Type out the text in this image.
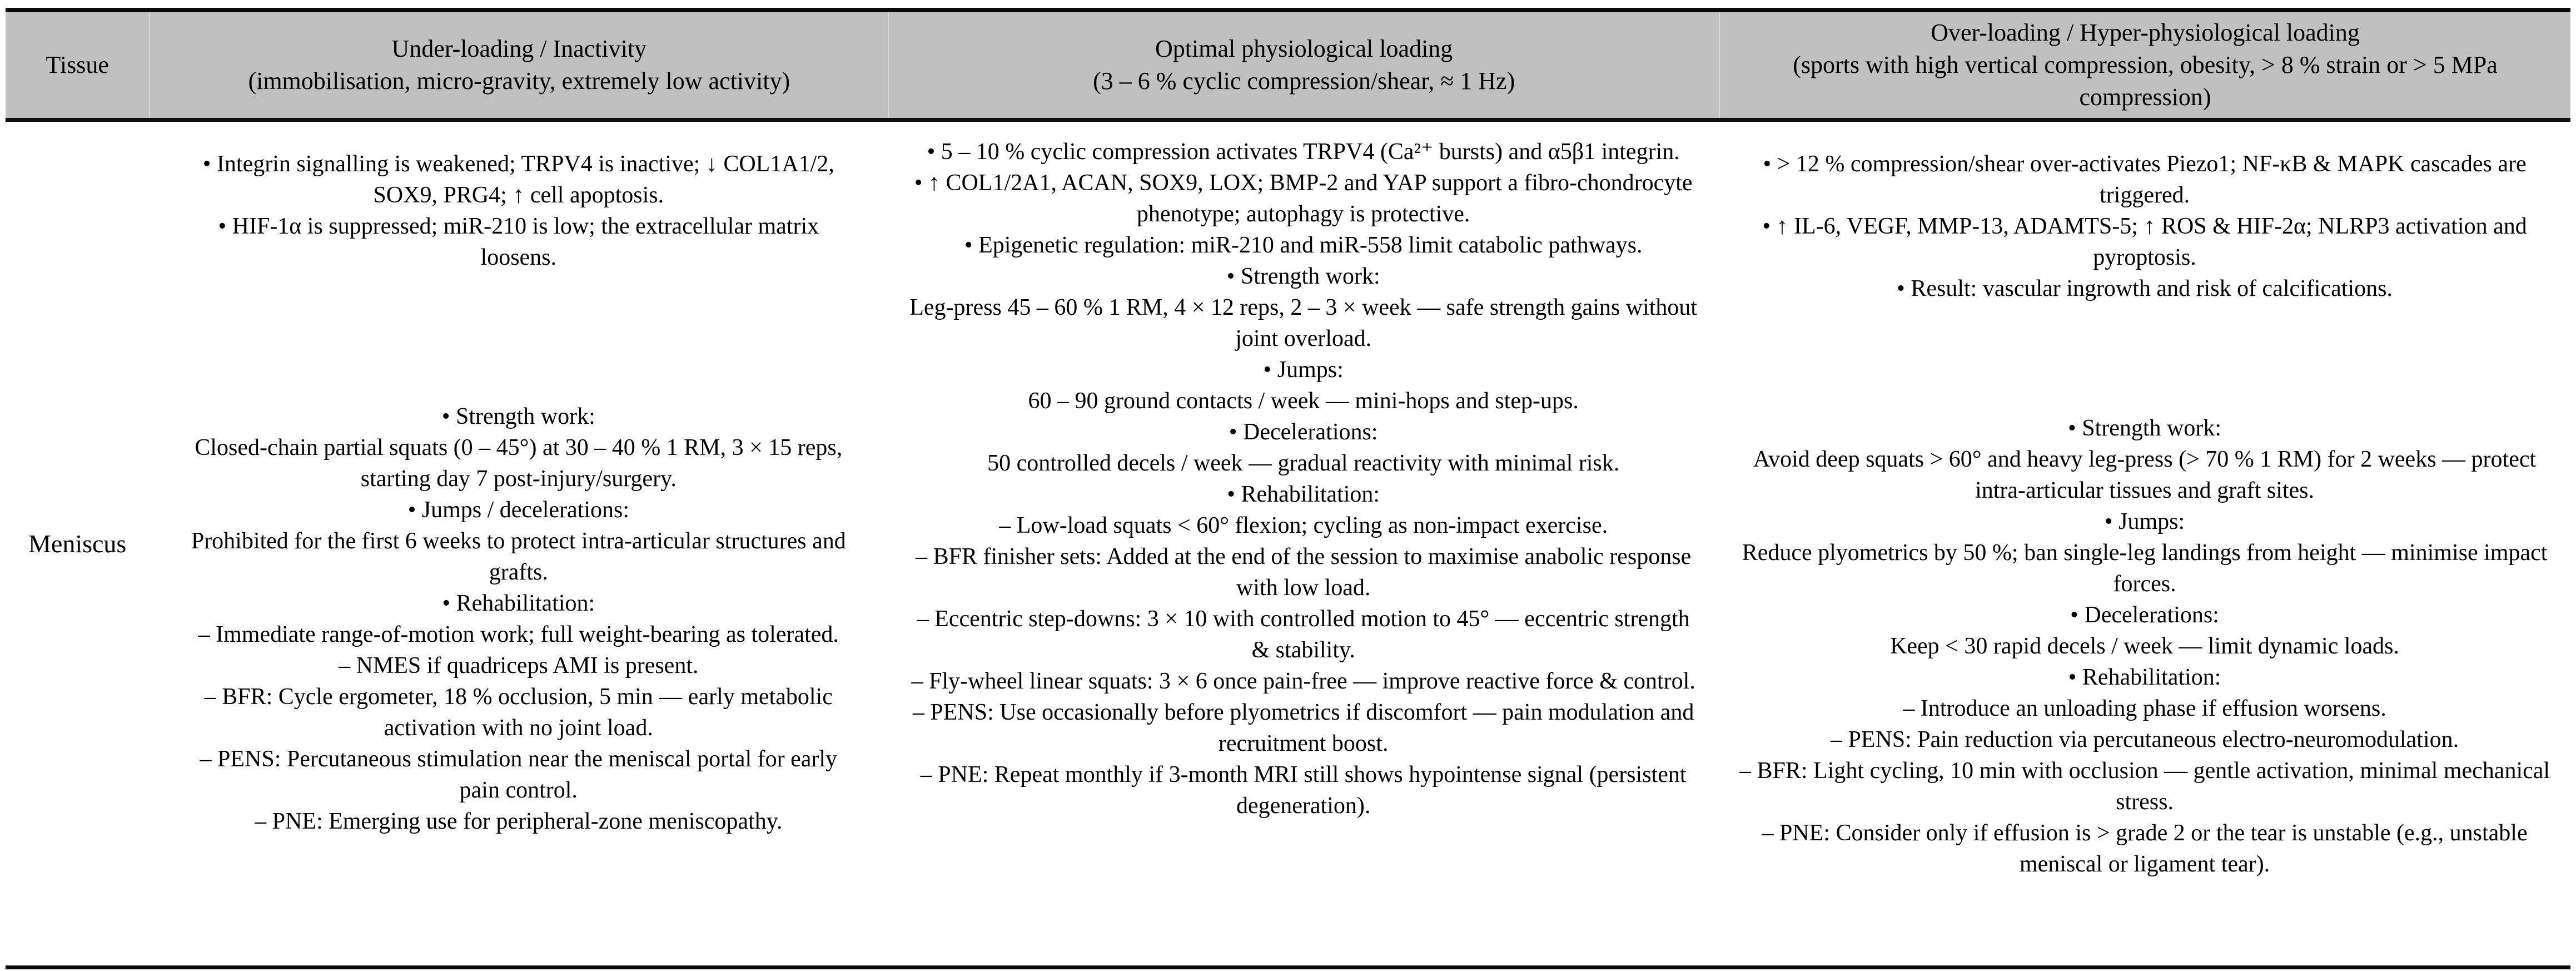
Tissue
Under-loading / Inactivity
(immobilisation, micro-gravity, extremely low activity)
Optimal physiological loading
(3 – 6 % cyclic compression/shear, ≈ 1 Hz)
Over-loading / Hyper-physiological loading
(sports with high vertical compression, obesity, > 8 % strain or > 5 MPa compression)
Meniscus

• Integrin signalling is weakened; TRPV4 is inactive; ↓ COL1A1/2, SOX9, PRG4; ↑ cell apoptosis.

• HIF-1α is suppressed; miR-210 is low; the extracellular matrix loosens.

• Strength work:

Closed-chain partial squats (0 – 45°) at 30 – 40 % 1 RM, 3 × 15 reps, starting day 7 post-injury/surgery.

• Jumps / decelerations:

Prohibited for the first 6 weeks to protect intra-articular structures and grafts.

• Rehabilitation:

– Immediate range-of-motion work; full weight-bearing as tolerated.

– NMES if quadriceps AMI is present.

– BFR: Cycle ergometer, 18 % occlusion, 5 min — early metabolic activation with no joint load.

– PENS: Percutaneous stimulation near the meniscal portal for early pain control.

– PNE: Emerging use for peripheral-zone meniscopathy.

• 5 – 10 % cyclic compression activates TRPV4 (Ca²⁺ bursts) and α5β1 integrin.

• ↑ COL1/2A1, ACAN, SOX9, LOX; BMP-2 and YAP support a fibro-chondrocyte phenotype; autophagy is protective.

• Epigenetic regulation: miR-210 and miR-558 limit catabolic pathways.

• Strength work:

Leg-press 45 – 60 % 1 RM, 4 × 12 reps, 2 – 3 × week — safe strength gains without joint overload.

• Jumps:

60 – 90 ground contacts / week — mini-hops and step-ups.

• Decelerations:

50 controlled decels / week — gradual reactivity with minimal risk.

• Rehabilitation:

– Low-load squats < 60° flexion; cycling as non-impact exercise.

– BFR finisher sets: Added at the end of the session to maximise anabolic response with low load.

– Eccentric step-downs: 3 × 10 with controlled motion to 45° — eccentric strength & stability.

– Fly-wheel linear squats: 3 × 6 once pain-free — improve reactive force & control.

– PENS: Use occasionally before plyometrics if discomfort — pain modulation and recruitment boost.

– PNE: Repeat monthly if 3-month MRI still shows hypointense signal (persistent degeneration).

• > 12 % compression/shear over-activates Piezo1; NF-κB & MAPK cascades are triggered.

• ↑ IL-6, VEGF, MMP-13, ADAMTS-5; ↑ ROS & HIF-2α; NLRP3 activation and pyroptosis.

• Result: vascular ingrowth and risk of calcifications.

• Strength work:

Avoid deep squats > 60° and heavy leg-press (> 70 % 1 RM) for 2 weeks — protect intra-articular tissues and graft sites.

• Jumps:

Reduce plyometrics by 50 %; ban single-leg landings from height — minimise impact forces.

• Decelerations:

Keep < 30 rapid decels / week — limit dynamic loads.

• Rehabilitation:

– Introduce an unloading phase if effusion worsens.

– PENS: Pain reduction via percutaneous electro-neuromodulation.

– BFR: Light cycling, 10 min with occlusion — gentle activation, minimal mechanical stress.

– PNE: Consider only if effusion is > grade 2 or the tear is unstable (e.g., unstable meniscal or ligament tear).
